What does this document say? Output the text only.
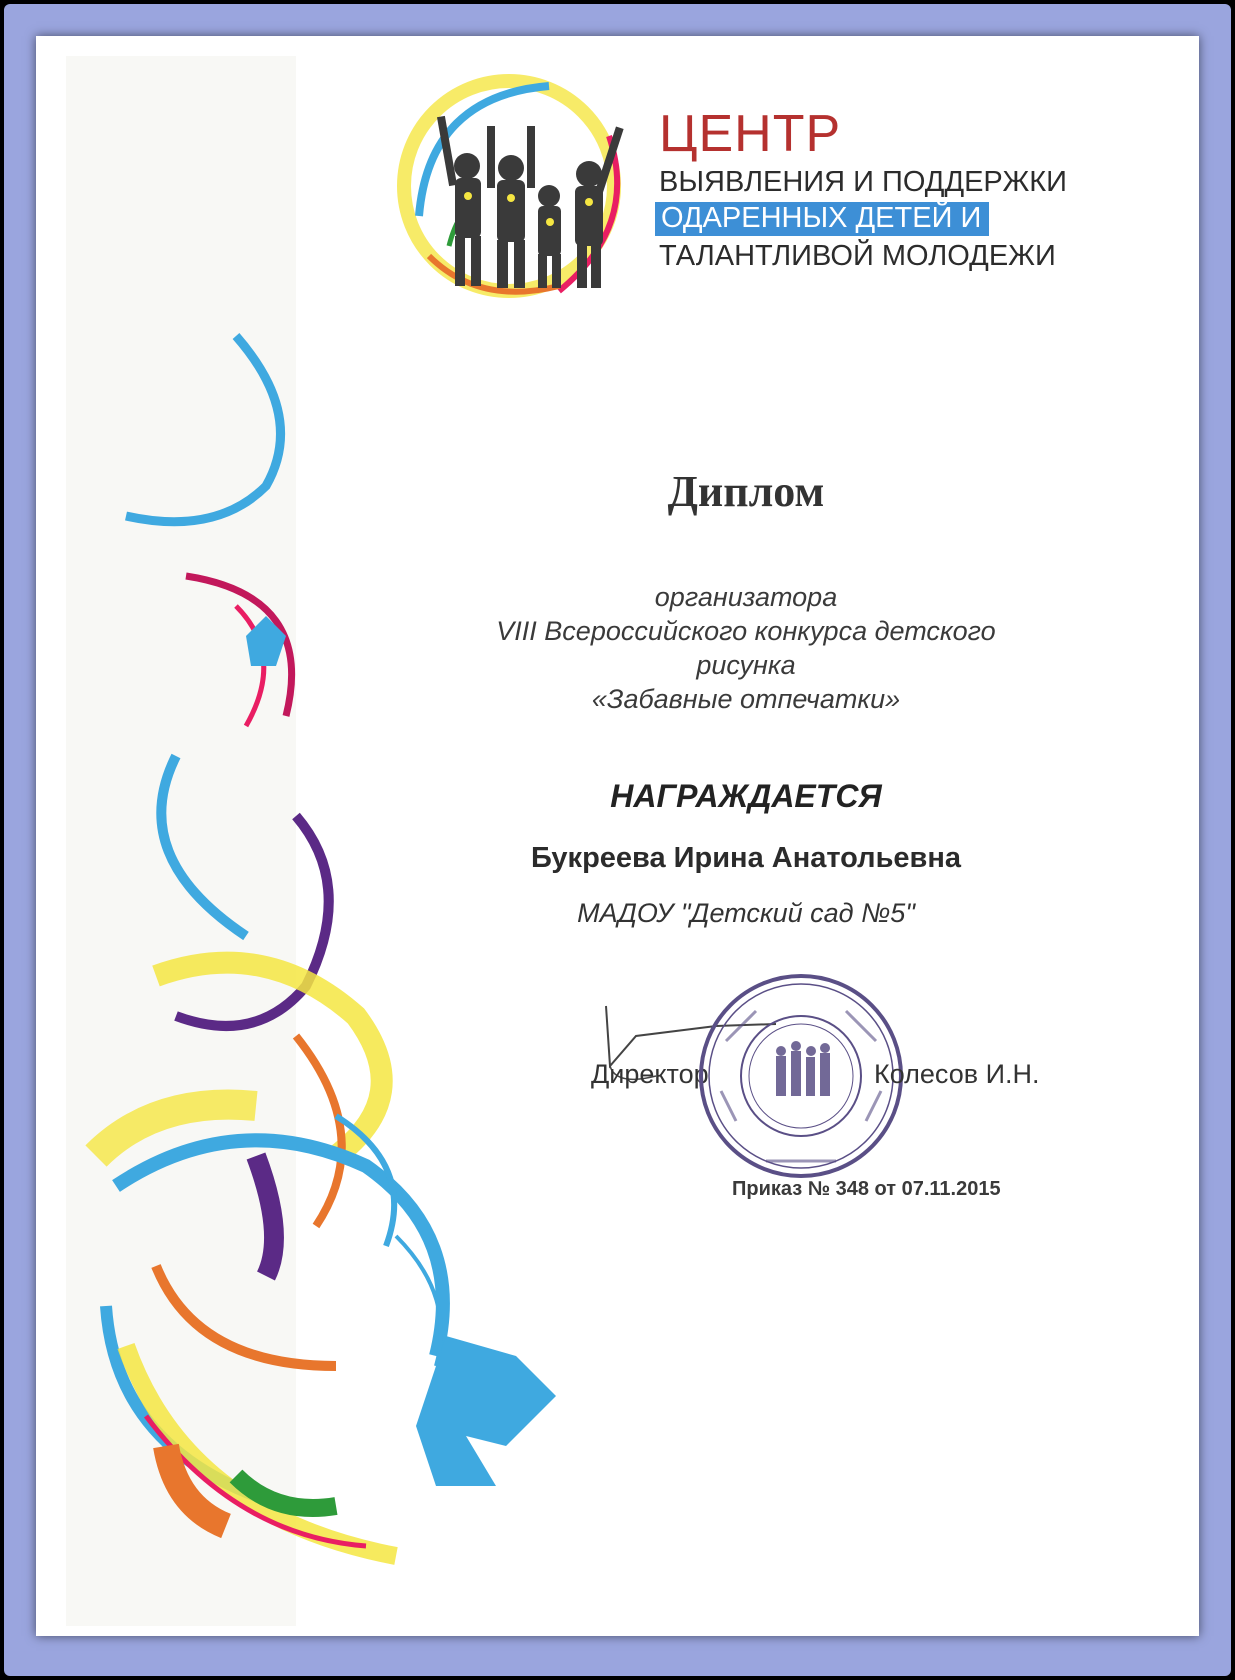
ЦЕНТР
ВЫЯВЛЕНИЯ И ПОДДЕРЖКИ
ОДАРЕННЫХ ДЕТЕЙ И
ТАЛАНТЛИВОЙ МОЛОДЕЖИ
Диплом
организатора
VIII Всероссийского конкурса детского
рисунка
«Забавные отпечатки»
НАГРАЖДАЕТСЯ
Букреева Ирина Анатольевна
МАДОУ "Детский сад №5"
Директор	Колесов И.Н.
Приказ № 348 от 07.11.2015
